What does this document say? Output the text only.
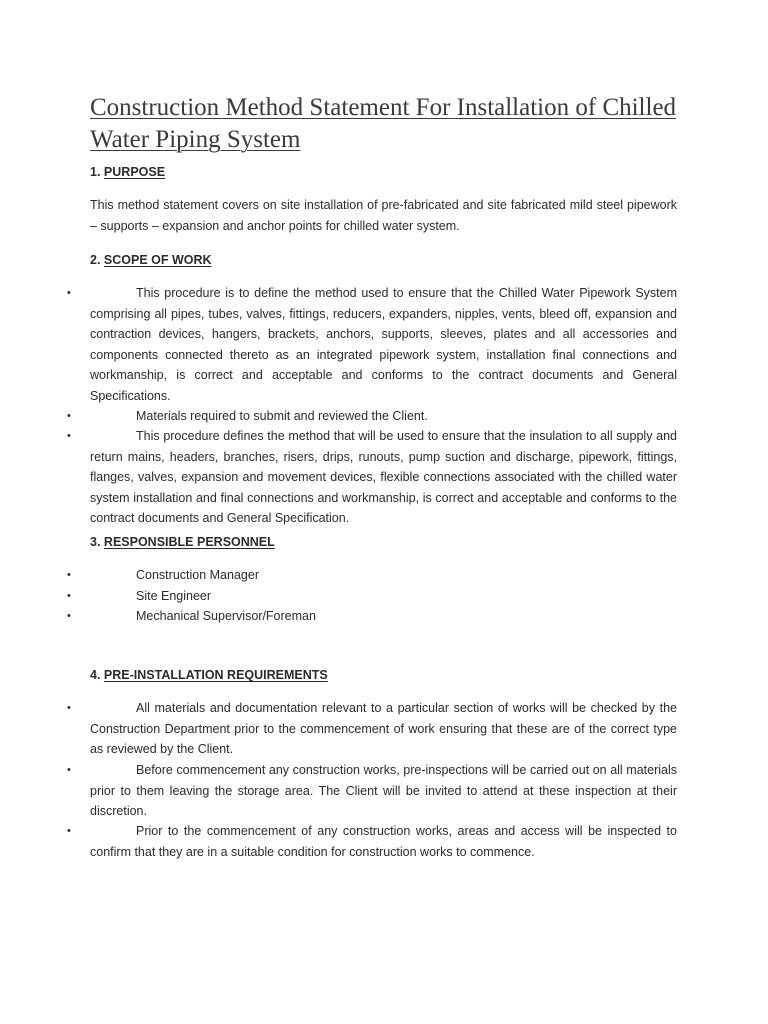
Construction Method Statement For Installation of Chilled Water Piping System

1. PURPOSE

This method statement covers on site installation of pre-fabricated and site fabricated mild steel pipework – supports – expansion and anchor points for chilled water system.

2. SCOPE OF WORK

•	This procedure is to define the method used to ensure that the Chilled Water Pipework System comprising all pipes, tubes, valves, fittings, reducers, expanders, nipples, vents, bleed off, expansion and contraction devices, hangers, brackets, anchors, supports, sleeves, plates and all accessories and components connected thereto as an integrated pipework system, installation final connections and workmanship, is correct and acceptable and conforms to the contract documents and General Specifications.
•	Materials required to submit and reviewed the Client.
•	This procedure defines the method that will be used to ensure that the insulation to all supply and return mains, headers, branches, risers, drips, runouts, pump suction and discharge, pipework, fittings, flanges, valves, expansion and movement devices, flexible connections associated with the chilled water system installation and final connections and workmanship, is correct and acceptable and conforms to the contract documents and General Specification.

3. RESPONSIBLE PERSONNEL

•	Construction Manager
•	Site Engineer
•	Mechanical Supervisor/Foreman

4. PRE-INSTALLATION REQUIREMENTS

•	All materials and documentation relevant to a particular section of works will be checked by the Construction Department prior to the commencement of work ensuring that these are of the correct type as reviewed by the Client.
•	Before commencement any construction works, pre-inspections will be carried out on all materials prior to them leaving the storage area. The Client will be invited to attend at these inspection at their discretion.
•	Prior to the commencement of any construction works, areas and access will be inspected to confirm that they are in a suitable condition for construction works to commence.
